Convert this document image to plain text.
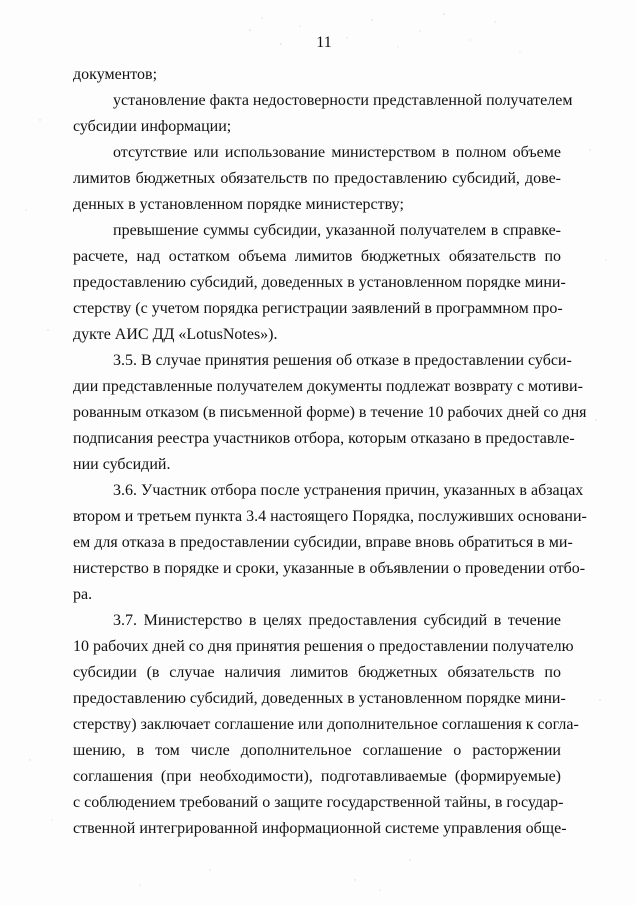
11
документов;
установление факта недостоверности представленной получателем
субсидии информации;
отсутствие или использование министерством в полном объеме
лимитов бюджетных обязательств по предоставлению субсидий, дове-
денных в установленном порядке министерству;
превышение суммы субсидии, указанной получателем в справке-
расчете, над остатком объема лимитов бюджетных обязательств по
предоставлению субсидий, доведенных в установленном порядке мини-
стерству (с учетом порядка регистрации заявлений в программном про-
дукте АИС ДД «LotusNotes»).
3.5. В случае принятия решения об отказе в предоставлении субси-
дии представленные получателем документы подлежат возврату с мотиви-
рованным отказом (в письменной форме) в течение 10 рабочих дней со дня
подписания реестра участников отбора, которым отказано в предоставле-
нии субсидий.
3.6. Участник отбора после устранения причин, указанных в абзацах
втором и третьем пункта 3.4 настоящего Порядка, послуживших основани-
ем для отказа в предоставлении субсидии, вправе вновь обратиться в ми-
нистерство в порядке и сроки, указанные в объявлении о проведении отбо-
ра.
3.7. Министерство в целях предоставления субсидий в течение
10 рабочих дней со дня принятия решения о предоставлении получателю
субсидии (в случае наличия лимитов бюджетных обязательств по
предоставлению субсидий, доведенных в установленном порядке мини-
стерству) заключает соглашение или дополнительное соглашения к согла-
шению, в том числе дополнительное соглашение о расторжении
соглашения (при необходимости), подготавливаемые (формируемые)
с соблюдением требований о защите государственной тайны, в государ-
ственной интегрированной информационной системе управления обще-
